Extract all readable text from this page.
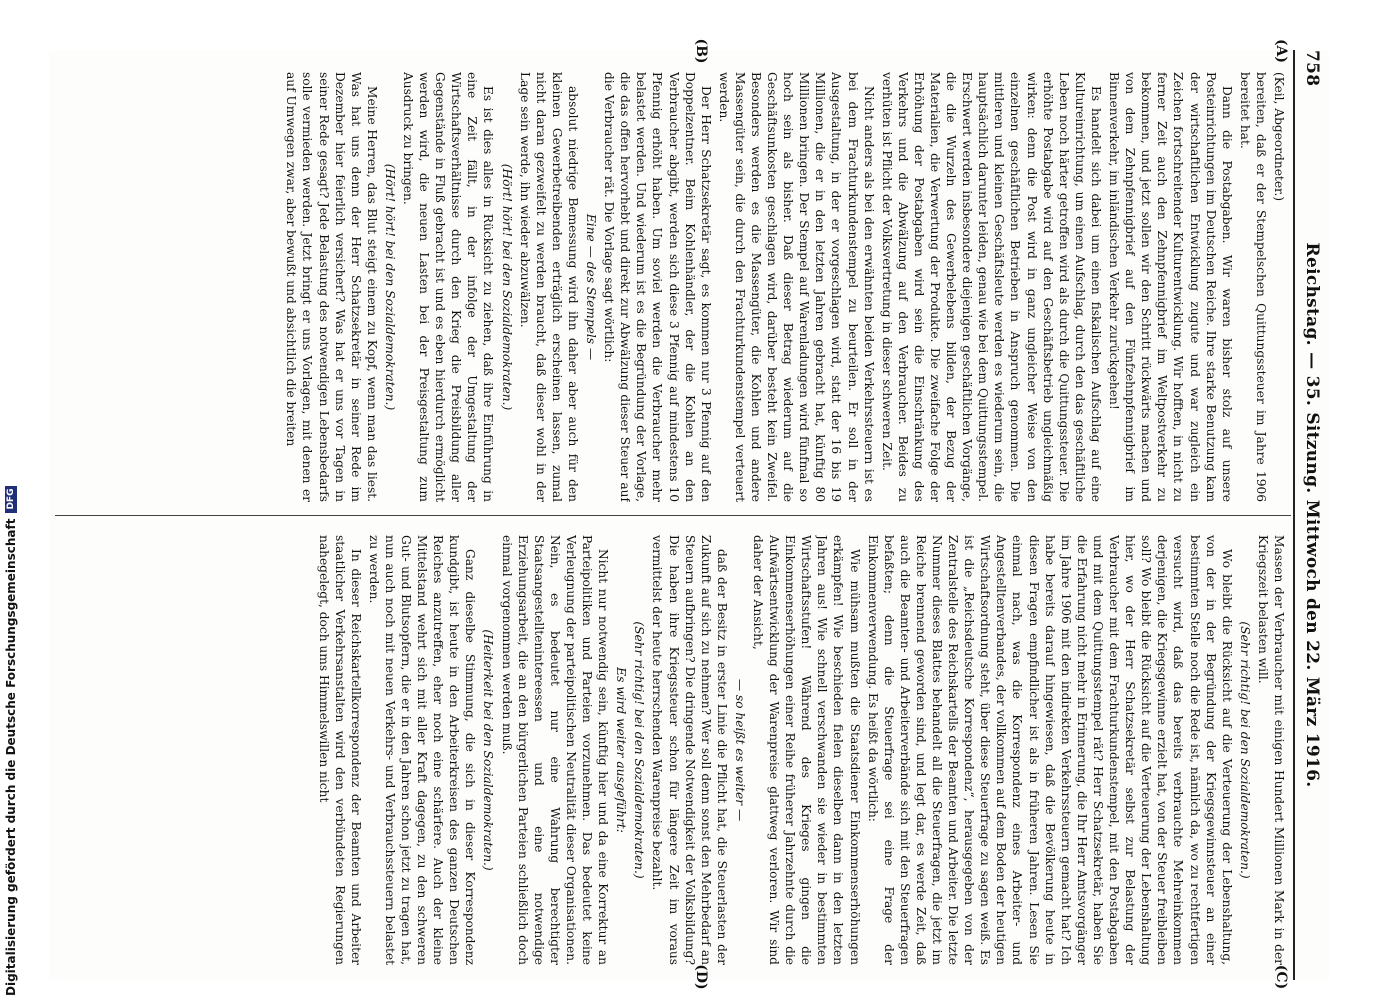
758
Reichstag. — 35. Sitzung. Mittwoch den 22. März 1916.
(A)
(B)
(C)
(D)

(Keil, Abgeordneter.)

bereiten, daß er der Stempelschen Quittungssteuer im Jahre 1906 bereitet hat.

Dann die Postabgaben. Wir waren bisher stolz auf unsere Posteinrichtungen im Deutschen Reiche. Ihre starke Benutzung kam der wirtschaftlichen Entwicklung zugute und war zugleich ein Zeichen fortschreitender Kulturentwicklung. Wir hofften, in nicht zu ferner Zeit auch den Zehnpfennigbrief im Weltpostverkehr zu bekommen, und jetzt sollen wir den Schritt rückwärts machen und von dem Zehnpfennigbrief auf den Fünfzehnpfennigbrief im Binnenverkehr, im inländischen Verkehr zurückgehen!

Es handelt sich dabei um einen fiskalischen Aufschlag auf eine Kultureinrichtung, um einen Aufschlag, durch den das geschäftliche Leben noch härter getroffen wird als durch die Quittungssteuer. Die erhöhte Postabgabe wird auf den Geschäftsbetrieb ungleichmäßig wirken: denn die Post wird in ganz ungleicher Weise von den einzelnen geschäftlichen Betrieben in Anspruch genommen. Die mittleren und kleinen Geschäftsleute werden es wiederum sein, die hauptsächlich darunter leiden, genau wie bei dem Quittungsstempel. Erschwert werden insbesondere diejenigen geschäftlichen Vorgänge, die die Wurzeln des Gewerbelebens bilden, der Bezug der Materialien, die Verwertung der Produkte. Die zweifache Folge der Erhöhung der Postabgaben wird sein die Einschränkung des Verkehrs und die Abwälzung auf den Verbraucher. Beides zu verhüten ist Pflicht der Volksvertretung in dieser schweren Zeit.

Nicht anders als bei den erwähnten beiden Verkehrssteuern ist es bei dem Frachturkundenstempel zu beurteilen. Er soll in der Ausgestaltung, in der er vorgeschlagen wird, statt der 16 bis 19 Millionen, die er in den letzten Jahren gebracht hat, künftig 80 Millionen bringen. Der Stempel auf Warenladungen wird fünfmal so hoch sein als bisher. Daß dieser Betrag wiederum auf die Geschäftsunkosten geschlagen wird, darüber besteht kein Zweifel. Besonders werden es die Massengüter, die Kohlen und andere Massengüter sein, die durch den Frachturkundenstempel verteuert werden.

Der Herr Schatzsekretär sagt, es kommen nur 3 Pfennig auf den Doppelzentner. Beim Kohlenhändler, der die Kohlen an den Verbraucher abgibt, werden sich diese 3 Pfennig auf mindestens 10 Pfennig erhöht haben. Um soviel werden die Verbraucher mehr belastet werden. Und wiederum ist es die Begründung der Vorlage, die das offen hervorhebt und direkt zur Abwälzung dieser Steuer auf die Verbraucher rät. Die Vorlage sagt wörtlich:

Eine — des Stempels —

absolut niedrige Bemessung wird ihn daher aber auch für den kleinen Gewerbetreibenden erträglich erscheinen lassen, zumal nicht daran gezweifelt zu werden braucht, daß dieser wohl in der Lage sein werde, ihn wieder abzuwälzen.

(Hört! hört! bei den Sozialdemokraten.)

Es ist dies alles in Rücksicht zu ziehen, daß ihre Einführung in eine Zeit fällt, in der infolge der Umgestaltung der Wirtschaftsverhältnisse durch den Krieg die Preisbildung aller Gegenstände in Fluß gebracht ist und es eben hierdurch ermöglicht werden wird, die neuen Lasten bei der Preisgestaltung zum Ausdruck zu bringen.

(Hört! hört! bei den Sozialdemokraten.)

Meine Herren, das Blut steigt einem zu Kopf, wenn man das liest. Was hat uns denn der Herr Schatzsekretär in seiner Rede im Dezember hier feierlich versichert? Was hat er uns vor Tagen in seiner Rede gesagt? Jede Belastung des notwendigen Lebensbedarfs solle vermieden werden. Jetzt bringt er uns Vorlagen, mit denen er auf Umwegen zwar, aber bewußt und absichtlich die breiten

Massen der Verbraucher mit einigen Hundert Millionen Mark in der Kriegszeit belasten will.

(Sehr richtig! bei den Sozialdemokraten.)

Wo bleibt die Rücksicht auf die Verteuerung der Lebenshaltung, von der in der Begründung der Kriegsgewinnsteuer an einer bestimmten Stelle noch die Rede ist, nämlich da, wo zu rechtfertigen versucht wird, daß das bereits verbrauchte Mehreinkommen derjenigen, die Kriegsgewinne erzielt hat, von der Steuer freibleiben soll? Wo bleibt die Rücksicht auf die Verteuerung der Lebenshaltung hier, wo der Herr Schatzsekretär selbst zur Belastung der Verbraucher mit dem Frachturkundenstempel, mit den Postabgaben und mit dem Quittungsstempel rät? Herr Schatzsekretär, haben Sie die Erfahrung nicht mehr in Erinnerung, die Ihr Herr Amtsvorgänger im Jahre 1906 mit den indirekten Verkehrssteuern gemacht hat? Ich habe bereits darauf hingewiesen, daß die Bevölkerung heute in diesen Fragen empfindlicher ist als in früheren Jahren. Lesen Sie einmal nach, was die Korrespondenz eines Arbeiter- und Angestelltenverbandes, der vollkommen auf dem Boden der heutigen Wirtschaftsordnung steht, über diese Steuerfrage zu sagen weiß. Es ist die „Reichsdeutsche Korrespondenz“, herausgegeben von der Zentralstelle des Reichskartells der Beamten und Arbeiter. Die letzte Nummer dieses Blattes behandelt all die Steuerfragen, die jetzt im Reiche brennend geworden sind, und legt dar, es werde Zeit, daß auch die Beamten- und Arbeiterverbände sich mit den Steuerfragen befaßten; denn die Steuerfrage sei eine Frage der Einkommenverwendung. Es heißt da wörtlich:

Wie mühsam mußten die Staatsdiener Einkommenserhöhungen erkämpfen! Wie beschieden fielen dieselben dann in den letzten Jahren aus! Wie schnell verschwanden sie wieder in bestimmten Wirtschaftsstufen! Während des Krieges gingen die Einkommenserhöhungen einer Reihe früherer Jahrzehnte durch die Aufwärtsentwicklung der Warenpreise glattweg verloren. Wir sind daher der Ansicht,

— so heißt es weiter —

daß der Besitz in erster Linie die Pflicht hat, die Steuerlasten der Zukunft auf sich zu nehmen? Wer soll denn sonst den Mehrbedarf an Steuern aufbringen? Die dringende Notwendigkeit der Volksbildung? Die haben ihre Kriegssteuer schon für längere Zeit im voraus vermittelst der heute herrschenden Warenpreise bezahlt.

(Sehr richtig! bei den Sozialdemokraten.)

Es wird weiter ausgeführt:

Nicht nur notwendig sein, künftig hier und da eine Korrektur an Parteipolitiken und Parteien vorzunehmen. Das bedeutet keine Verleugnung der parteipolitischen Neutralität dieser Organisationen. Nein, es bedeutet nur eine Wahrung berechtigter Staatsangestelltenintereessen und eine notwendige Erziehungsarbeit, die an den bürgerlichen Parteien schließlich doch einmal vorgenommen werden muß.

(Heiterkeit bei den Sozialdemokraten.)

Ganz dieselbe Stimmung, die sich in dieser Korrespondenz kundgibt, ist heute in den Arbeiterkreisen des ganzen Deutschen Reiches anzutreffen, eher noch eine schärfere. Auch der kleine Mittelstand wehrt sich mit aller Kraft dagegen, zu den schweren Gut- und Blutsopfern, die er in den Jahren schon jetzt zu tragen hat, nun auch noch mit neuen Verkehrs- und Verbrauchssteuern belastet zu werden.

In dieser Reichskartellkorrespondenz der Beamten und Arbeiter staatlicher Verkehrsanstalten wird den verbündeten Regierungen nahegelegt, doch ums Himmelswillen nicht

Digitalisierung gefördert durch die Deutsche Forschungsgemeinschaft
DFG
